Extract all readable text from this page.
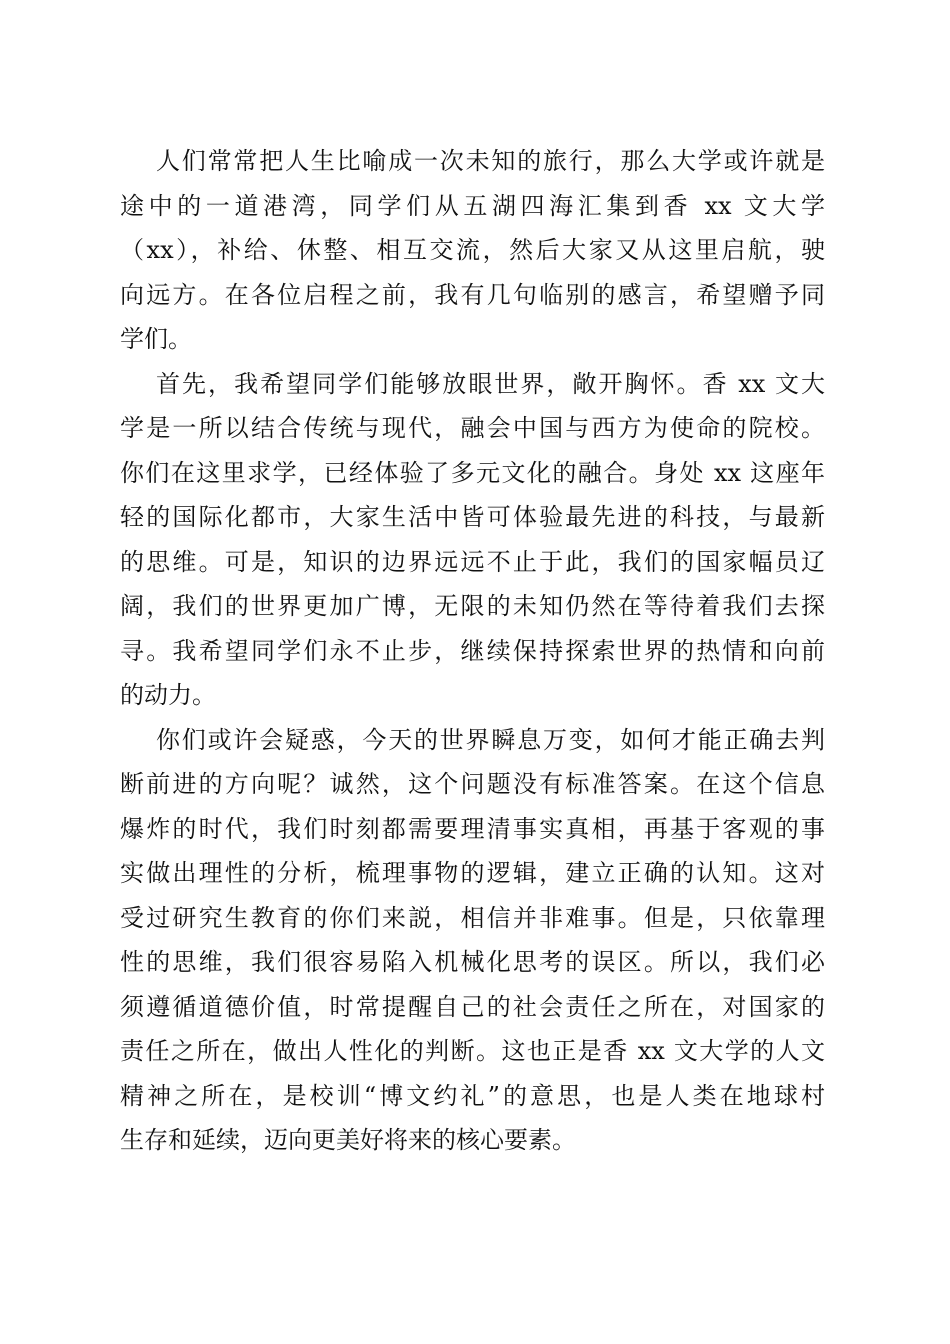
人们常常把人生比喻成一次未知的旅行，那么大学或许就是
途中的一道港湾，同学们从五湖四海汇集到香 xx 文大学
（xx），补给、休整、相互交流，然后大家又从这里启航，驶
向远方。在各位启程之前，我有几句临别的感言，希望赠予同
学们。
首先，我希望同学们能够放眼世界，敞开胸怀。香 xx 文大
学是一所以结合传统与现代，融会中国与西方为使命的院校。
你们在这里求学，已经体验了多元文化的融合。身处 xx 这座年
轻的国际化都市，大家生活中皆可体验最先进的科技，与最新
的思维。可是，知识的边界远远不止于此，我们的国家幅员辽
阔，我们的世界更加广博，无限的未知仍然在等待着我们去探
寻。我希望同学们永不止步，继续保持探索世界的热情和向前
的动力。
你们或许会疑惑，今天的世界瞬息万变，如何才能正确去判
断前进的方向呢？诚然，这个问题没有标准答案。在这个信息
爆炸的时代，我们时刻都需要理清事实真相，再基于客观的事
实做出理性的分析，梳理事物的逻辑，建立正确的认知。这对
受过研究生教育的你们来説，相信并非难事。但是，只依靠理
性的思维，我们很容易陷入机械化思考的误区。所以，我们必
须遵循道德价值，时常提醒自己的社会责任之所在，对国家的
责任之所在，做出人性化的判断。这也正是香 xx 文大学的人文
精神之所在，是校训“博文约礼”的意思，也是人类在地球村
生存和延续，迈向更美好将来的核心要素。
